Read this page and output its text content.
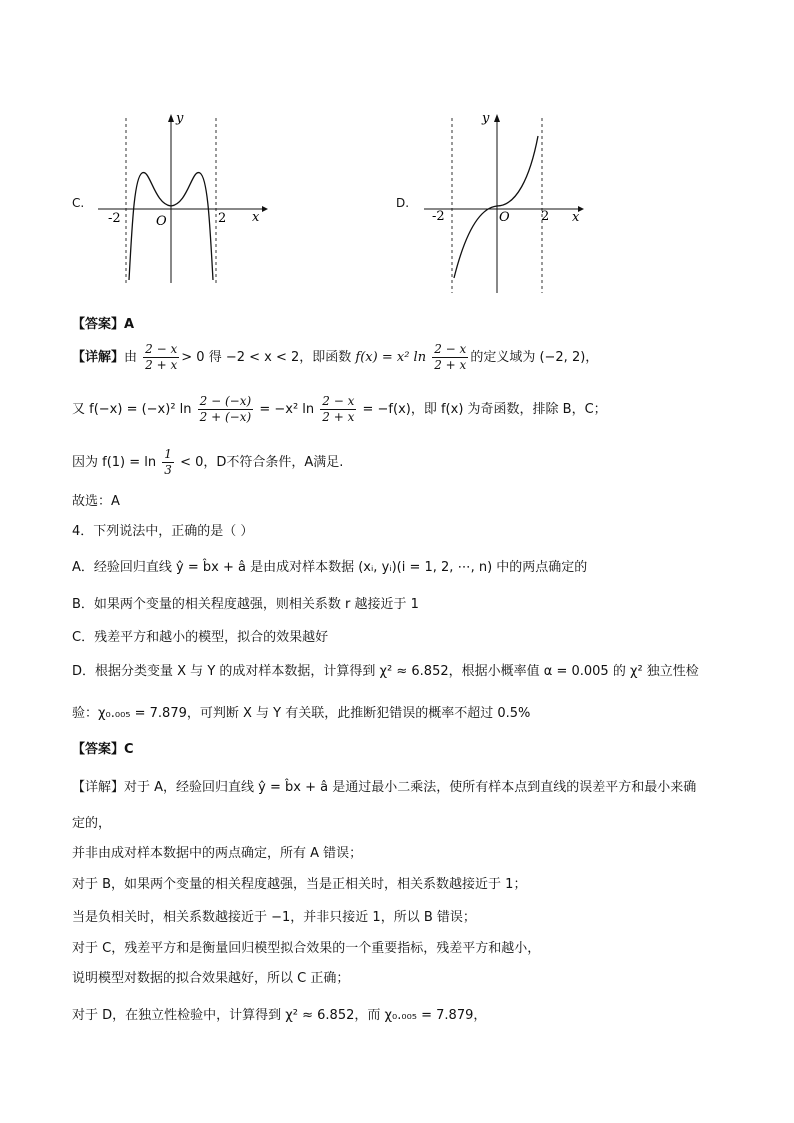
C.
y
x
O
-2	2
D.
y
x
O
-2	2
【答案】A
【详解】由 $\frac{2 - x}{2 + x} > 0$ 得 −2 < x < 2，即函数 f(x) = x² $\ln \frac{2 - x}{2 + x}$ 的定义域为 (−2, 2)，
又 f(−x) = (−x)² $\ln \frac{2 - (-x)}{2 + (-x)} = -x^2$ $\ln \frac{2 - x}{2 + x} = -f(x)$，即 f(x) 为奇函数，排除 B，C；
因为 $f(1) = \ln \frac{1}{3} < 0$，D不符合条件，A满足.
故选：A
4．下列说法中，正确的是（ ）
A．经验回归直线 ŷ = b̂x + â 是由成对样本数据 (xᵢ, yᵢ)(i = 1, 2, ⋯, n) 中的两点确定的
B．如果两个变量的相关程度越强，则相关系数 r 越接近于 1
C．残差平方和越小的模型，拟合的效果越好
D．根据分类变量 X 与 Y 的成对样本数据，计算得到 χ² ≈ 6.852，根据小概率值 α = 0.005 的 χ² 独立性检
验：χ₀.₀₀₅ = 7.879，可判断 X 与 Y 有关联，此推断犯错误的概率不超过 0.5%
【答案】C
【详解】对于 A，经验回归直线 ŷ = b̂x + â 是通过最小二乘法，使所有样本点到直线的误差平方和最小来确
定的，
并非由成对样本数据中的两点确定，所有 A 错误；
对于 B，如果两个变量的相关程度越强，当是正相关时，相关系数越接近于 1；
当是负相关时，相关系数越接近于 −1，并非只接近 1，所以 B 错误；
对于 C，残差平方和是衡量回归模型拟合效果的一个重要指标，残差平方和越小，
说明模型对数据的拟合效果越好，所以 C 正确；
对于 D，在独立性检验中，计算得到 χ² ≈ 6.852，而 χ₀.₀₀₅ = 7.879，
